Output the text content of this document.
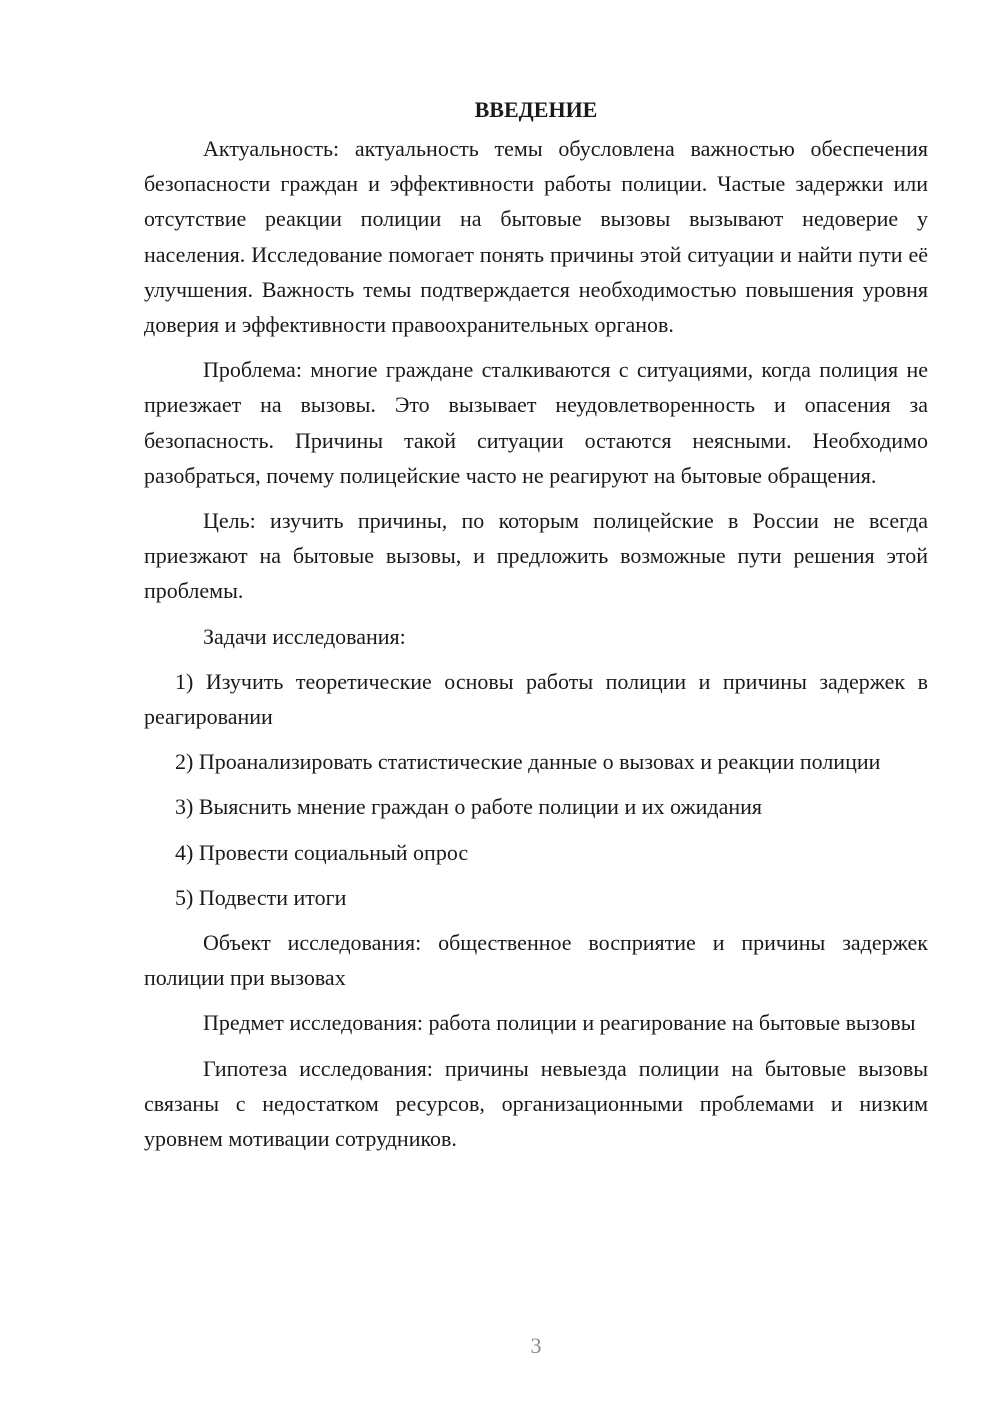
ВВЕДЕНИЕ

Актуальность: актуальность темы обусловлена важностью обеспечения безопасности граждан и эффективности работы полиции. Частые задержки или отсутствие реакции полиции на бытовые вызовы вызывают недоверие у населения. Исследование помогает понять причины этой ситуации и найти пути её улучшения. Важность темы подтверждается необходимостью повышения уровня доверия и эффективности правоохранительных органов.

Проблема: многие граждане сталкиваются с ситуациями, когда полиция не приезжает на вызовы. Это вызывает неудовлетворенность и опасения за безопасность. Причины такой ситуации остаются неясными. Необходимо разобраться, почему полицейские часто не реагируют на бытовые обращения.

Цель: изучить причины, по которым полицейские в России не всегда приезжают на бытовые вызовы, и предложить возможные пути решения этой проблемы.

Задачи исследования:

1) Изучить теоретические основы работы полиции и причины задержек в реагировании

2) Проанализировать статистические данные о вызовах и реакции полиции

3) Выяснить мнение граждан о работе полиции и их ожидания

4) Провести социальный опрос

5) Подвести итоги

Объект исследования: общественное восприятие и причины задержек полиции при вызовах

Предмет исследования: работа полиции и реагирование на бытовые вызовы

Гипотеза исследования: причины невыезда полиции на бытовые вызовы связаны с недостатком ресурсов, организационными проблемами и низким уровнем мотивации сотрудников.

3
